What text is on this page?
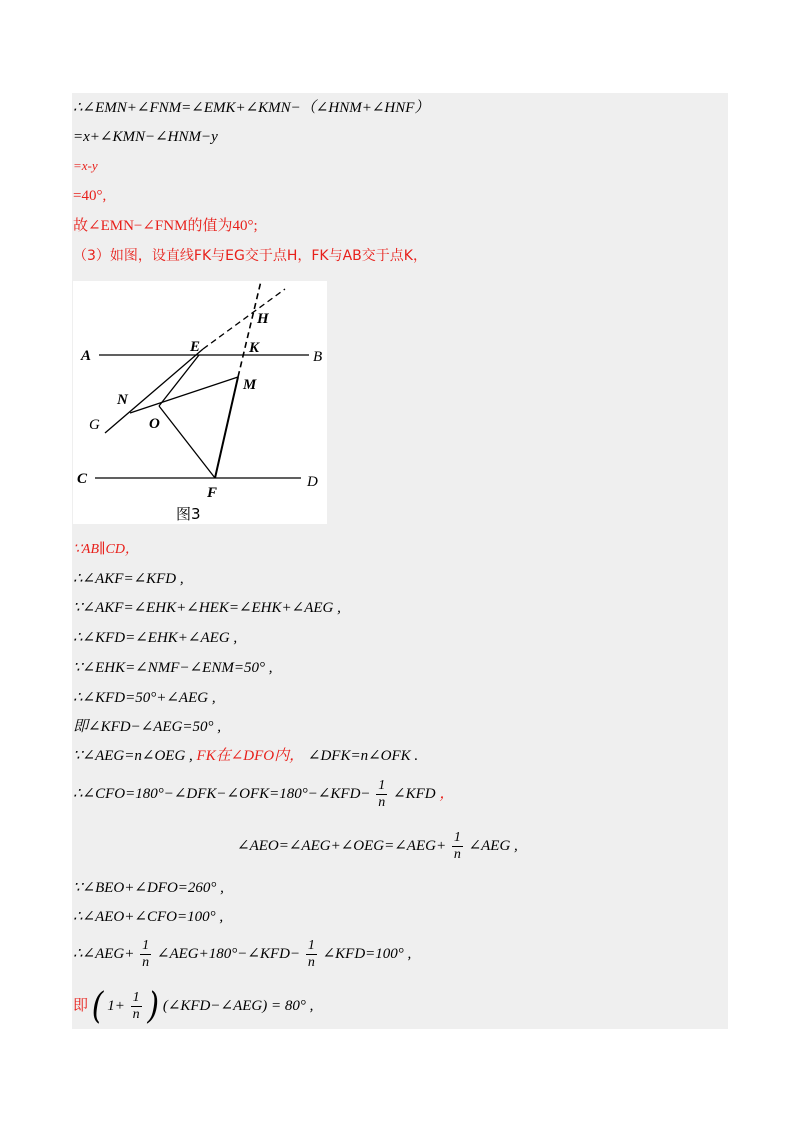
∴∠EMN+∠FNM=∠EMK+∠KMN−（∠HNM+∠HNF）
=x+∠KMN−∠HNM−y
=x-y
=40°,
故∠EMN−∠FNM的值为40°;
（3）如图，设直线FK与EG交于点H，FK与AB交于点K，
A	B
C	D
E
F
G
H
K
M
N
O
图3
∵AB∥CD，
∴∠AKF=∠KFD ,
∵∠AKF=∠EHK+∠HEK=∠EHK+∠AEG ,
∴∠KFD=∠EHK+∠AEG ,
∵∠EHK=∠NMF−∠ENM=50° ,
∴∠KFD=50°+∠AEG ,
即∠KFD−∠AEG=50° ,
∵∠AEG=n∠OEG , FK在∠DFO内， ∠DFK=n∠OFK .
∴∠CFO=180°−∠DFK−∠OFK=180°−∠KFD− $\frac{1}{n}$ ∠KFD ，
∠AEO=∠AEG+∠OEG=∠AEG+ $\frac{1}{n}$ ∠AEG ,
∵∠BEO+∠DFO=260° ,
∴∠AEO+∠CFO=100° ,
∴∠AEG+ $\frac{1}{n}$ ∠AEG+180°−∠KFD− $\frac{1}{n}$ ∠KFD=100° ,
即 ( $1+ \frac{1}{n}$ ) (∠KFD−∠AEG) = 80° ,
